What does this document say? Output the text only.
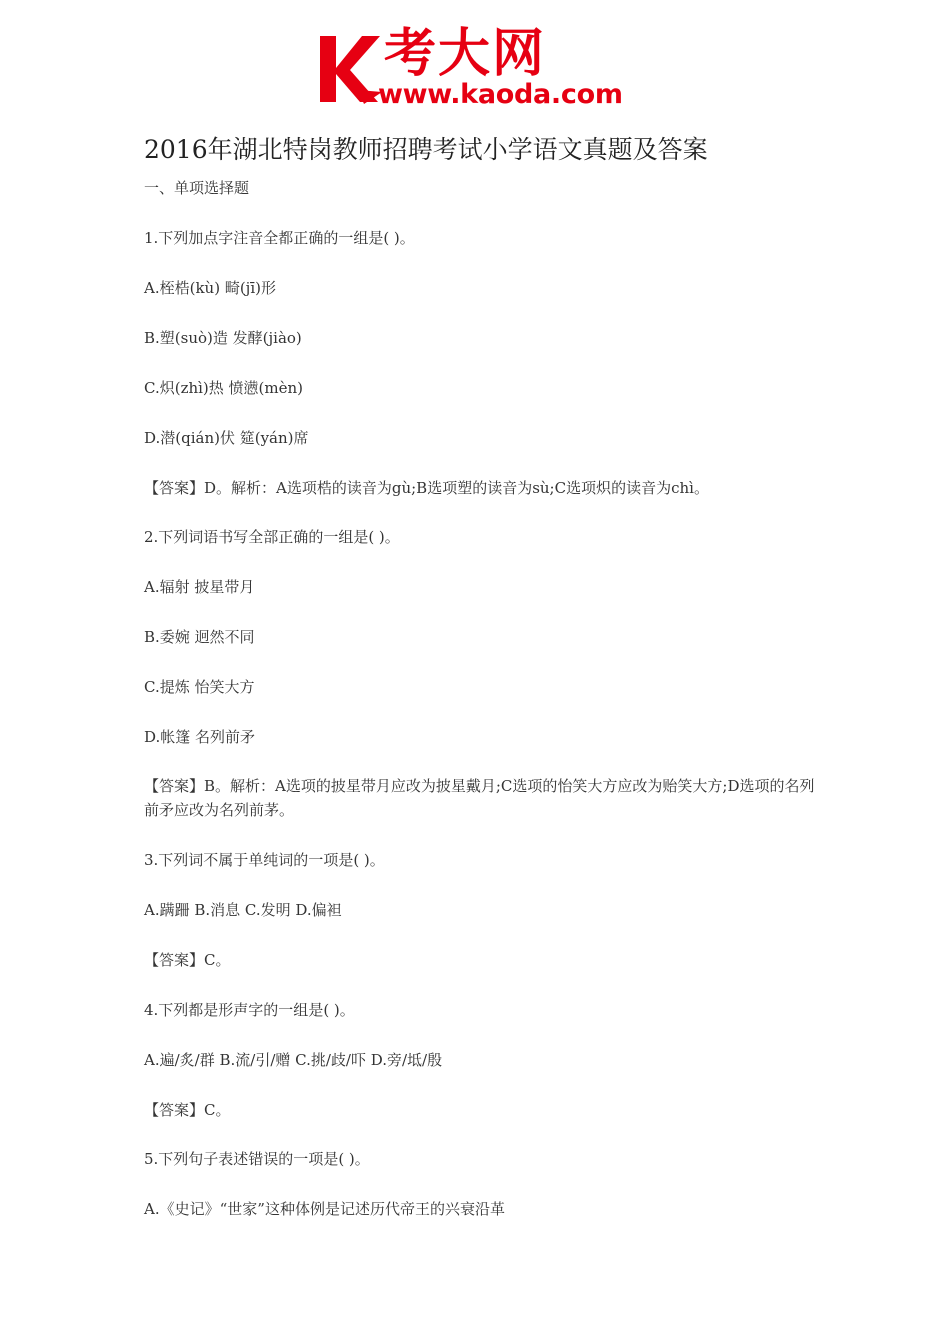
考大网
www.kaoda.com
2016年湖北特岗教师招聘考试小学语文真题及答案
一、单项选择题
1.下列加点字注音全都正确的一组是( )。
A.桎梏(kù) 畸(jī)形
B.塑(suò)造 发酵(jiào)
C.炽(zhì)热 愤懑(mèn)
D.潜(qián)伏 筵(yán)席
【答案】D。解析：A选项梏的读音为gù;B选项塑的读音为sù;C选项炽的读音为chì。
2.下列词语书写全部正确的一组是( )。
A.辐射 披星带月
B.委婉 迥然不同
C.提炼 怡笑大方
D.帐篷 名列前矛
【答案】B。解析：A选项的披星带月应改为披星戴月;C选项的怡笑大方应改为贻笑大方;D选项的名列前矛应改为名列前茅。
3.下列词不属于单纯词的一项是( )。
A.蹒跚 B.消息 C.发明 D.偏袒
【答案】C。
4.下列都是形声字的一组是( )。
A.遍/炙/群 B.流/引/赠 C.挑/歧/吓 D.旁/坻/殷
【答案】C。
5.下列句子表述错误的一项是( )。
A.《史记》“世家”这种体例是记述历代帝王的兴衰沿革
